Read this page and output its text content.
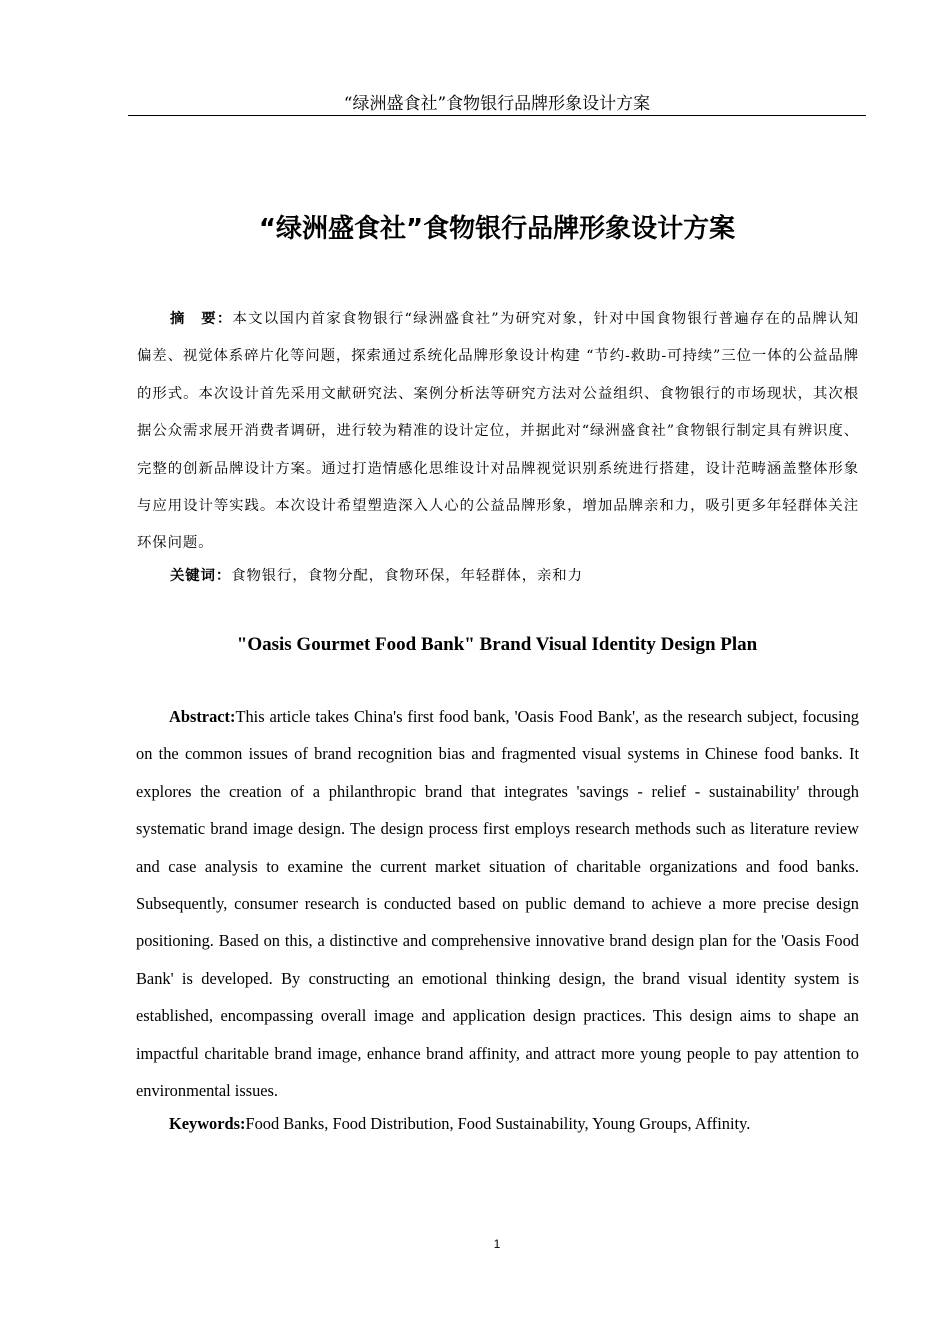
“绿洲盛食社”食物银行品牌形象设计方案
“绿洲盛食社”食物银行品牌形象设计方案

摘　要：本文以国内首家食物银行“绿洲盛食社”为研究对象，针对中国食物银行普遍存在的品牌认知偏差、视觉体系碎片化等问题，探索通过系统化品牌形象设计构建 “节约-救助-可持续”三位一体的公益品牌的形式。本次设计首先采用文献研究法、案例分析法等研究方法对公益组织、食物银行的市场现状，其次根据公众需求展开消费者调研，进行较为精准的设计定位，并据此对“绿洲盛食社”食物银行制定具有辨识度、完整的创新品牌设计方案。通过打造情感化思维设计对品牌视觉识别系统进行搭建，设计范畴涵盖整体形象与应用设计等实践。本次设计希望塑造深入人心的公益品牌形象，增加品牌亲和力，吸引更多年轻群体关注环保问题。

关键词：食物银行，食物分配，食物环保，年轻群体，亲和力

"Oasis Gourmet Food Bank" Brand Visual Identity Design Plan

Abstract:This article takes China's first food bank, 'Oasis Food Bank', as the research subject, focusing on the common issues of brand recognition bias and fragmented visual systems in Chinese food banks. It explores the creation of a philanthropic brand that integrates 'savings - relief - sustainability' through systematic brand image design. The design process first employs research methods such as literature review and case analysis to examine the current market situation of charitable organizations and food banks. Subsequently, consumer research is conducted based on public demand to achieve a more precise design positioning. Based on this, a distinctive and comprehensive innovative brand design plan for the 'Oasis Food Bank' is developed. By constructing an emotional thinking design, the brand visual identity system is established, encompassing overall image and application design practices. This design aims to shape an impactful charitable brand image, enhance brand affinity, and attract more young people to pay attention to environmental issues.

Keywords:Food Banks, Food Distribution, Food Sustainability, Young Groups, Affinity.

1
